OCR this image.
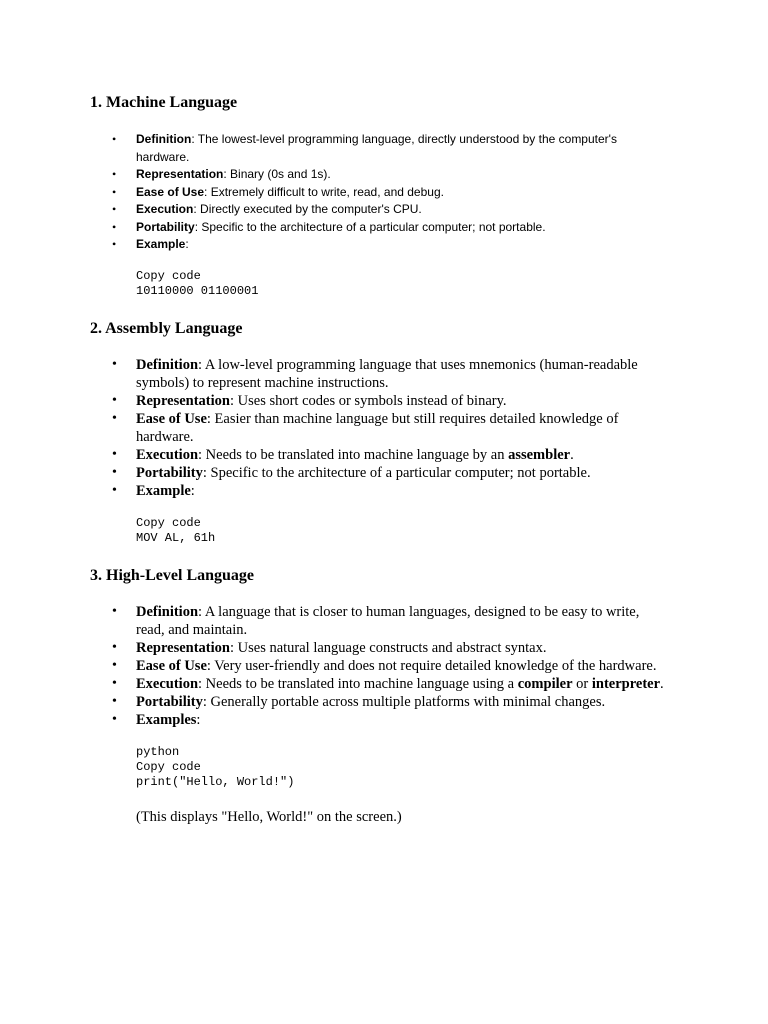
1. Machine Language
• Definition: The lowest-level programming language, directly understood by the computer's hardware.
• Representation: Binary (0s and 1s).
• Ease of Use: Extremely difficult to write, read, and debug.
• Execution: Directly executed by the computer's CPU.
• Portability: Specific to the architecture of a particular computer; not portable.
• Example:
Copy code
10110000 01100001
2. Assembly Language
• Definition: A low-level programming language that uses mnemonics (human-readable symbols) to represent machine instructions.
• Representation: Uses short codes or symbols instead of binary.
• Ease of Use: Easier than machine language but still requires detailed knowledge of hardware.
• Execution: Needs to be translated into machine language by an assembler.
• Portability: Specific to the architecture of a particular computer; not portable.
• Example:
Copy code
MOV AL, 61h
3. High-Level Language
• Definition: A language that is closer to human languages, designed to be easy to write, read, and maintain.
• Representation: Uses natural language constructs and abstract syntax.
• Ease of Use: Very user-friendly and does not require detailed knowledge of the hardware.
• Execution: Needs to be translated into machine language using a compiler or interpreter.
• Portability: Generally portable across multiple platforms with minimal changes.
• Examples:
python
Copy code
print("Hello, World!")
(This displays "Hello, World!" on the screen.)
